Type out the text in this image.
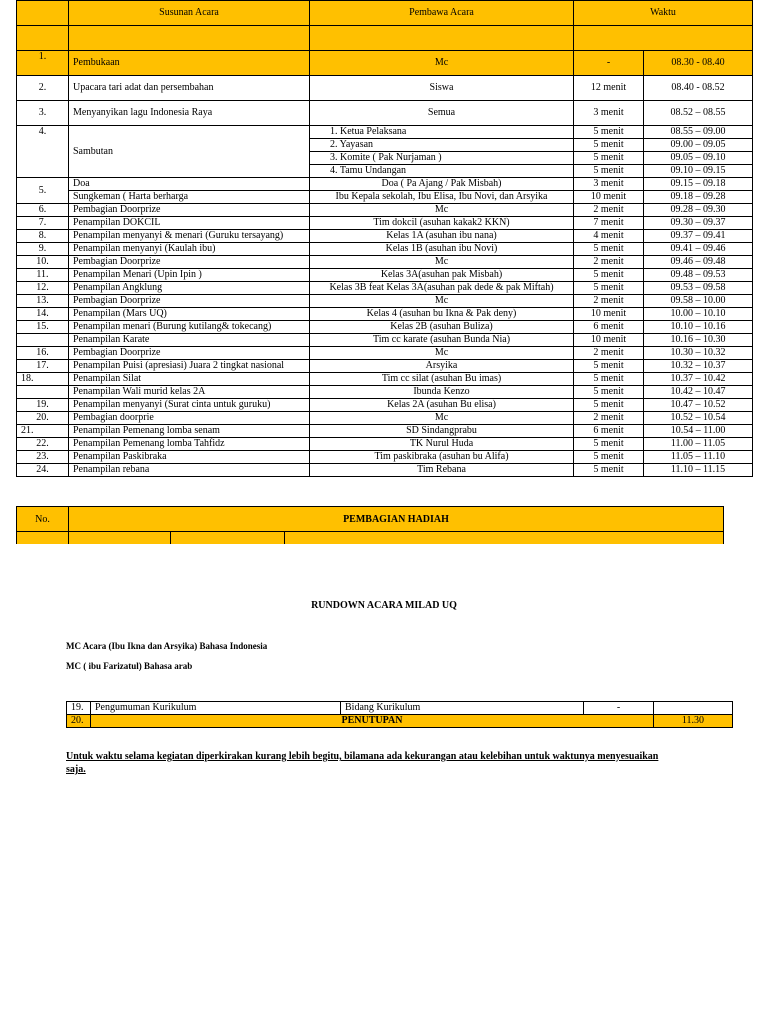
	Susunan Acara	Pembawa Acara	Waktu	

1.	Pembukaan	Mc	-	08.30 - 08.40
2.	Upacara tari adat dan persembahan	Siswa	12 menit	08.40 - 08.52
3.	Menyanyikan lagu Indonesia Raya	Semua	3 menit	08.52 – 08.55
4.	Sambutan	1. Ketua Pelaksana	5 menit	08.55 – 09.00
		2. Yayasan	5 menit	09.00 – 09.05
		3. Komite ( Pak Nurjaman )	5 menit	09.05 – 09.10
		4. Tamu Undangan	5 menit	09.10 – 09.15
5.	Doa	Doa ( Pa Ajang / Pak Misbah)	3 menit	09.15 – 09.18
	Sungkeman ( Harta berharga	Ibu Kepala sekolah, Ibu Elisa, Ibu Novi, dan Arsyika	10 menit	09.18 – 09.28
6.	Pembagian Doorprize	Mc	2 menit	09.28 – 09.30
7.	Penampilan DOKCIL	Tim dokcil (asuhan kakak2 KKN)	7 menit	09.30 – 09.37
8.	Penampilan menyanyi & menari (Guruku tersayang)	Kelas 1A (asuhan ibu nana)	4 menit	09.37 – 09.41
9.	Penampilan menyanyi (Kaulah ibu)	Kelas 1B (asuhan ibu Novi)	5 menit	09.41 – 09.46
10.	Pembagian Doorprize	Mc	2 menit	09.46 – 09.48
11.	Penampilan Menari (Upin Ipin )	Kelas 3A(asuhan pak Misbah)	5 menit	09.48 – 09.53
12.	Penampilan Angklung	Kelas 3B feat Kelas 3A(asuhan pak dede & pak Miftah)	5 menit	09.53 – 09.58
13.	Pembagian Doorprize	Mc	2 menit	09.58 – 10.00
14.	Penampilan (Mars UQ)	Kelas 4 (asuhan bu Ikna & Pak deny)	10 menit	10.00 – 10.10
15.	Penampilan menari (Burung kutilang& tokecang)	Kelas 2B (asuhan Buliza)	6 menit	10.10 – 10.16
	Penampilan Karate	Tim cc karate (asuhan Bunda Nia)	10 menit	10.16 – 10.30
16.	Pembagian Doorprize	Mc	2 menit	10.30 – 10.32
17.	Penampilan Puisi (apresiasi) Juara 2 tingkat nasional	Arsyika	5 menit	10.32 – 10.37
18.	Penampilan Silat	Tim cc silat (asuhan Bu imas)	5 menit	10.37 – 10.42
	Penampilan Wali murid kelas 2A	Ibunda Kenzo	5 menit	10.42 – 10.47
19.	Penampilan menyanyi (Surat cinta untuk guruku)	Kelas 2A (asuhan Bu elisa)	5 menit	10.47 – 10.52
20.	Pembagian doorprie	Mc	2 menit	10.52 – 10.54
21.	Penampilan Pemenang lomba senam	SD Sindangprabu	6 menit	10.54 – 11.00
22.	Penampilan Pemenang lomba Tahfidz	TK Nurul Huda	5 menit	11.00 – 11.05
23.	Penampilan Paskibraka	Tim paskibraka (asuhan bu Alifa)	5 menit	11.05 – 11.10
24.	Penampilan rebana	Tim Rebana	5 menit	11.10 – 11.15
No.	PEMBAGIAN HADIAH		

RUNDOWN ACARA MILAD UQ
MC Acara (Ibu Ikna dan Arsyika) Bahasa Indonesia
MC ( ibu Farizatul) Bahasa arab
19.	Pengumuman Kurikulum	Bidang Kurikulum	-	
20.	PENUTUPAN			11.30
Untuk waktu selama kegiatan diperkirakan kurang lebih begitu, bilamana ada kekurangan atau kelebihan untuk waktunya menyesuaikan saja.
